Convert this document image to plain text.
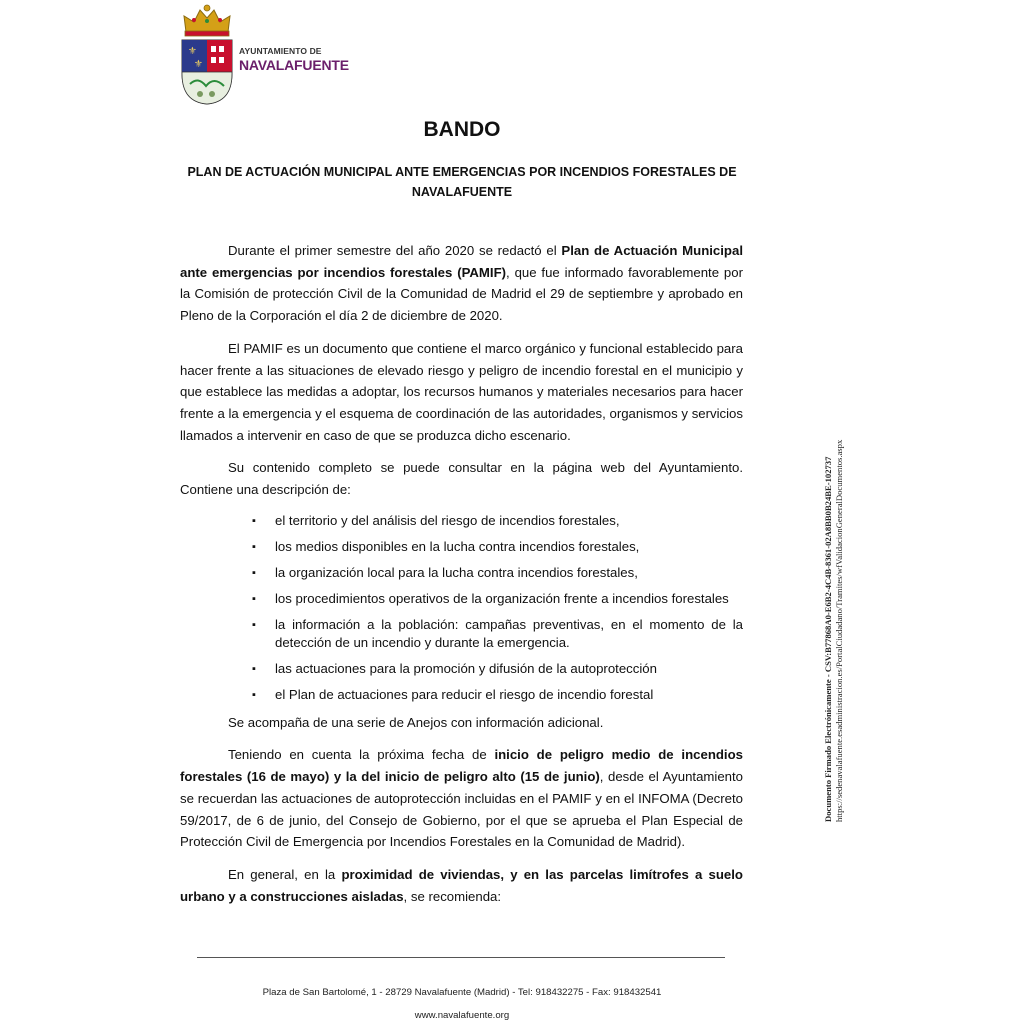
⚜
⚜
AYUNTAMIENTO DE
NAVALAFUENTE
BANDO
PLAN DE ACTUACIÓN MUNICIPAL ANTE EMERGENCIAS POR INCENDIOS FORESTALES DE
NAVALAFUENTE

Durante el primer semestre del año 2020 se redactó el Plan de Actuación Municipal ante emergencias por incendios forestales (PAMIF), que fue informado favorablemente por la Comisión de protección Civil de la Comunidad de Madrid el 29 de septiembre y aprobado en Pleno de la Corporación el día 2 de diciembre de 2020.

El PAMIF es un documento que contiene el marco orgánico y funcional establecido para hacer frente a las situaciones de elevado riesgo y peligro de incendio forestal en el municipio y que establece las medidas a adoptar, los recursos humanos y materiales necesarios para hacer frente a la emergencia y el esquema de coordinación de las autoridades, organismos y servicios llamados a intervenir en caso de que se produzca dicho escenario.

Su contenido completo se puede consultar en la página web del Ayuntamiento. Contiene una descripción de:

▪ el territorio y del análisis del riesgo de incendios forestales,
▪ los medios disponibles en la lucha contra incendios forestales,
▪ la organización local para la lucha contra incendios forestales,
▪ los procedimientos operativos de la organización frente a incendios forestales
▪ la información a la población: campañas preventivas, en el momento de la detección de un incendio y durante la emergencia.
▪ las actuaciones para la promoción y difusión de la autoprotección
▪ el Plan de actuaciones para reducir el riesgo de incendio forestal

Se acompaña de una serie de Anejos con información adicional.

Teniendo en cuenta la próxima fecha de inicio de peligro medio de incendios forestales (16 de mayo) y la del inicio de peligro alto (15 de junio), desde el Ayuntamiento se recuerdan las actuaciones de autoprotección incluidas en el PAMIF y en el INFOMA (Decreto 59/2017, de 6 de junio, del Consejo de Gobierno, por el que se aprueba el Plan Especial de Protección Civil de Emergencia por Incendios Forestales en la Comunidad de Madrid).

En general, en la proximidad de viviendas, y en las parcelas limítrofes a suelo urbano y a construcciones aisladas, se recomienda:

Documento Firmado Electrónicamente - CSV:B77868A0-E6B2-4C4B-8361-02A8BB0B24BE-102737 https://sedenavalafuente.esadministracion.es/PortalCiudadano/Tramites/wfValidacionGeneralDocumentos.aspx
Plaza de San Bartolomé, 1 - 28729 Navalafuente (Madrid) - Tel: 918432275 - Fax: 918432541
www.navalafuente.org
